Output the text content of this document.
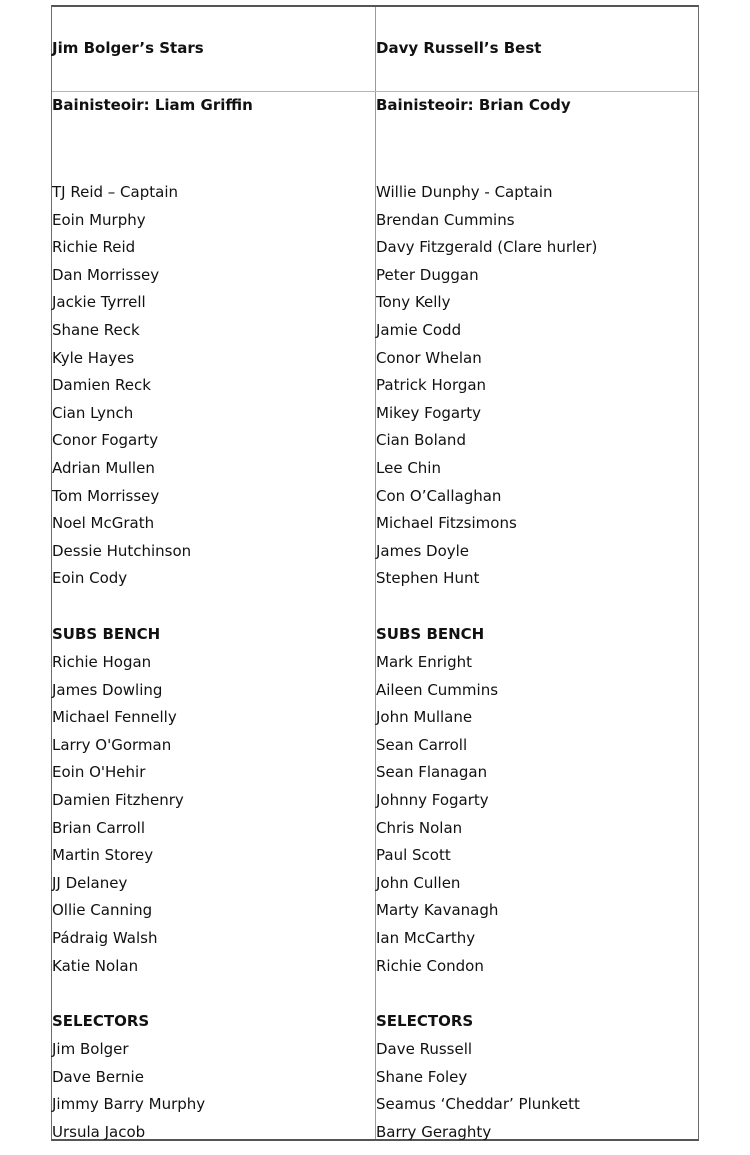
Jim Bolger’s Stars
Bainisteoir: Liam Griffin
TJ Reid – Captain
Eoin Murphy
Richie Reid
Dan Morrissey
Jackie Tyrrell
Shane Reck
Kyle Hayes
Damien Reck
Cian Lynch
Conor Fogarty
Adrian Mullen
Tom Morrissey
Noel McGrath
Dessie Hutchinson
Eoin Cody
SUBS BENCH
Richie Hogan
James Dowling
Michael Fennelly
Larry O'Gorman
Eoin O'Hehir
Damien Fitzhenry
Brian Carroll
Martin Storey
JJ Delaney
Ollie Canning
Pádraig Walsh
Katie Nolan
SELECTORS
Jim Bolger
Dave Bernie
Jimmy Barry Murphy
Ursula Jacob
Davy Russell’s Best
Bainisteoir: Brian Cody
Willie Dunphy - Captain
Brendan Cummins
Davy Fitzgerald (Clare hurler)
Peter Duggan
Tony Kelly
Jamie Codd
Conor Whelan
Patrick Horgan
Mikey Fogarty
Cian Boland
Lee Chin
Con O’Callaghan
Michael Fitzsimons
James Doyle
Stephen Hunt
SUBS BENCH
Mark Enright
Aileen Cummins
John Mullane
Sean Carroll
Sean Flanagan
Johnny Fogarty
Chris Nolan
Paul Scott
John Cullen
Marty Kavanagh
Ian McCarthy
Richie Condon
SELECTORS
Dave Russell
Shane Foley
Seamus ‘Cheddar’ Plunkett
Barry Geraghty
